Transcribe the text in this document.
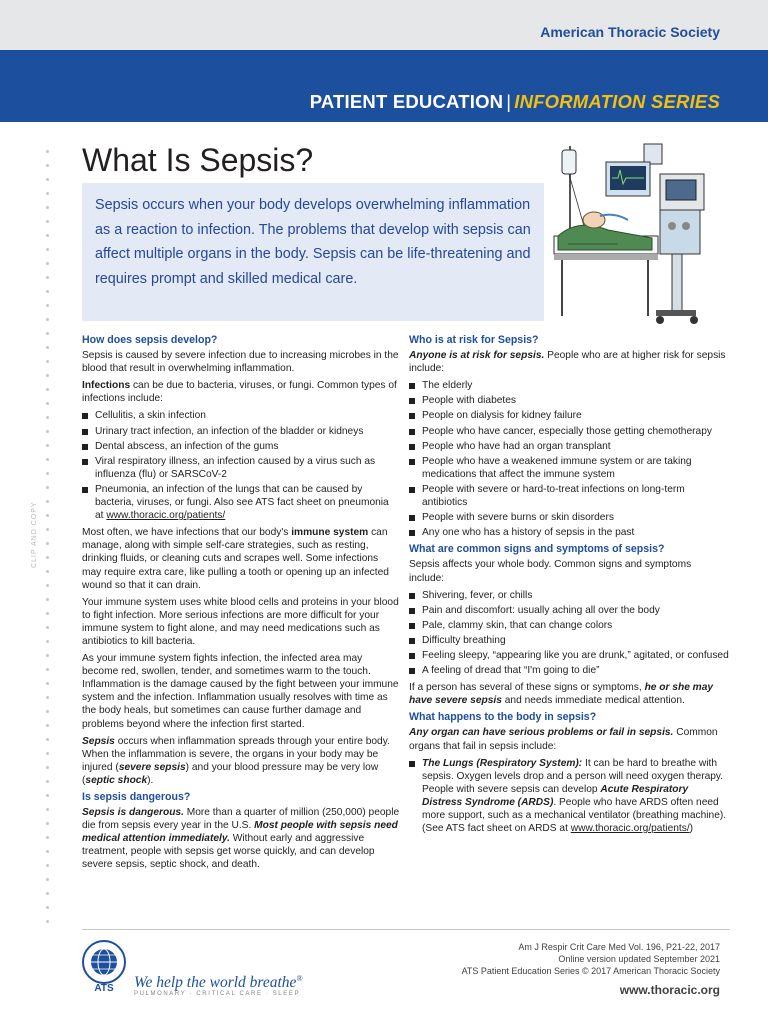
American Thoracic Society
PATIENT EDUCATION | INFORMATION SERIES
CLIP AND COPY
What Is Sepsis?

Sepsis occurs when your body develops overwhelming inflammation as a reaction to infection. The problems that develop with sepsis can affect multiple organs in the body. Sepsis can be life-threatening and requires prompt and skilled medical care.

How does sepsis develop?

Sepsis is caused by severe infection due to increasing microbes in the blood that result in overwhelming inflammation.

Infections can be due to bacteria, viruses, or fungi. Common types of infections include:

Cellulitis, a skin infection
Urinary tract infection, an infection of the bladder or kidneys
Dental abscess, an infection of the gums
Viral respiratory illness, an infection caused by a virus such as influenza (flu) or SARSCoV-2
Pneumonia, an infection of the lungs that can be caused by bacteria, viruses, or fungi. Also see ATS fact sheet on pneumonia at www.thoracic.org/patients/

Most often, we have infections that our body's immune system can manage, along with simple self-care strategies, such as resting, drinking fluids, or cleaning cuts and scrapes well. Some infections may require extra care, like pulling a tooth or opening up an infected wound so that it can drain.

Your immune system uses white blood cells and proteins in your blood to fight infection. More serious infections are more difficult for your immune system to fight alone, and may need medications such as antibiotics to kill bacteria.

As your immune system fights infection, the infected area may become red, swollen, tender, and sometimes warm to the touch. Inflammation is the damage caused by the fight between your immune system and the infection. Inflammation usually resolves with time as the body heals, but sometimes can cause further damage and problems beyond where the infection first started.

Sepsis occurs when inflammation spreads through your entire body. When the inflammation is severe, the organs in your body may be injured (severe sepsis) and your blood pressure may be very low (septic shock).

Is sepsis dangerous?

Sepsis is dangerous. More than a quarter of million (250,000) people die from sepsis every year in the U.S. Most people with sepsis need medical attention immediately. Without early and aggressive treatment, people with sepsis get worse quickly, and can develop severe sepsis, septic shock, and death.

Who is at risk for Sepsis?

Anyone is at risk for sepsis. People who are at higher risk for sepsis include:

The elderly
People with diabetes
People on dialysis for kidney failure
People who have cancer, especially those getting chemotherapy
People who have had an organ transplant
People who have a weakened immune system or are taking medications that affect the immune system
People with severe or hard-to-treat infections on long-term antibiotics
People with severe burns or skin disorders
Any one who has a history of sepsis in the past
What are common signs and symptoms of sepsis?

Sepsis affects your whole body. Common signs and symptoms include:

Shivering, fever, or chills
Pain and discomfort: usually aching all over the body
Pale, clammy skin, that can change colors
Difficulty breathing
Feeling sleepy, “appearing like you are drunk,” agitated, or confused
A feeling of dread that “I'm going to die”

If a person has several of these signs or symptoms, he or she may have severe sepsis and needs immediate medical attention.

What happens to the body in sepsis?

Any organ can have serious problems or fail in sepsis. Common organs that fail in sepsis include:

The Lungs (Respiratory System): It can be hard to breathe with sepsis. Oxygen levels drop and a person will need oxygen therapy. People with severe sepsis can develop Acute Respiratory Distress Syndrome (ARDS). People who have ARDS often need more support, such as a mechanical ventilator (breathing machine). (See ATS fact sheet on ARDS at www.thoracic.org/patients/)
ATS We help the world breathe®
PULMONARY · CRITICAL CARE · SLEEP
Am J Respir Crit Care Med Vol. 196, P21-22, 2017
Online version updated September 2021
ATS Patient Education Series © 2017 American Thoracic Society
www.thoracic.org
